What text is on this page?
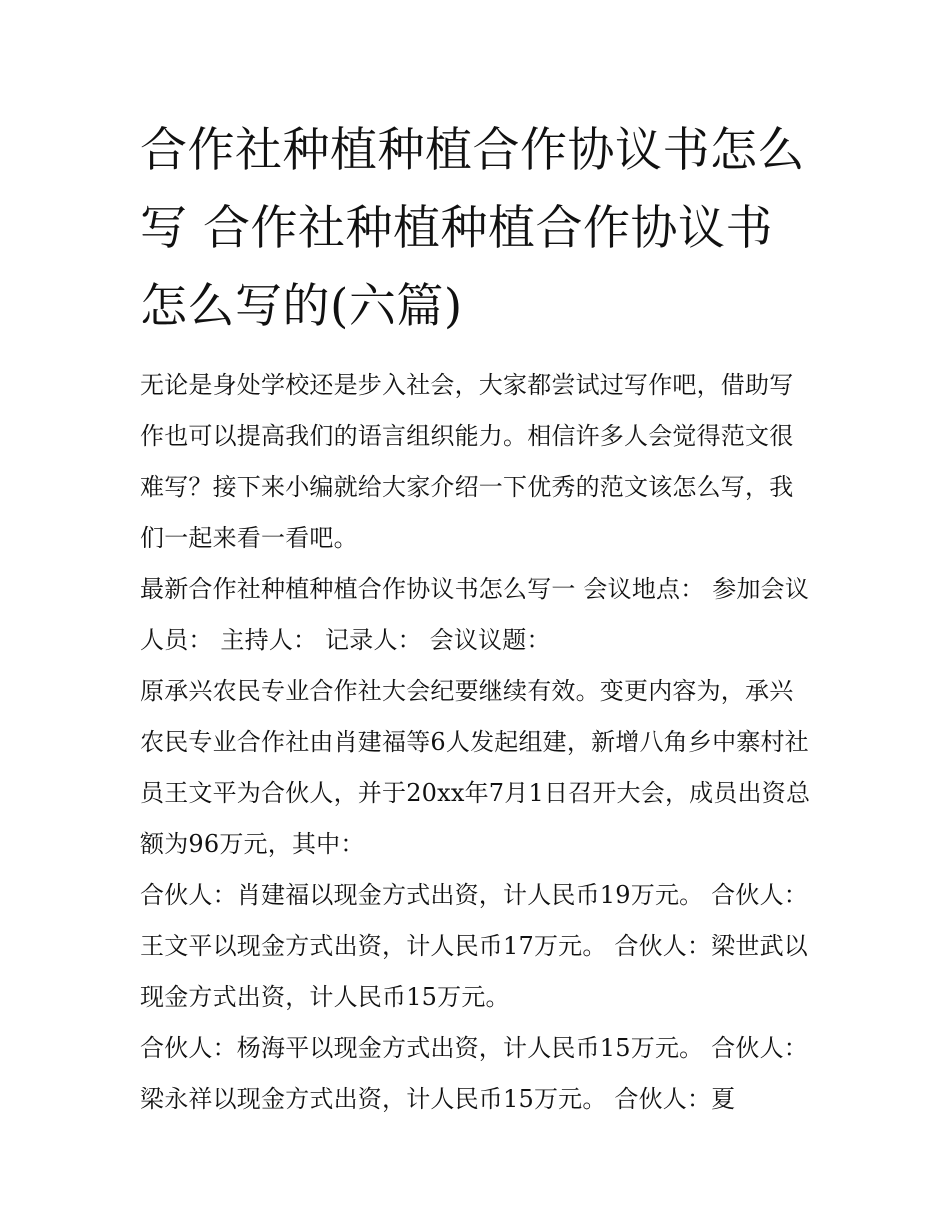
合作社种植种植合作协议书怎么写 合作社种植种植合作协议书怎么写的(六篇)

无论是身处学校还是步入社会，大家都尝试过写作吧，借助写作也可以提高我们的语言组织能力。相信许多人会觉得范文很难写？接下来小编就给大家介绍一下优秀的范文该怎么写，我们一起来看一看吧。

最新合作社种植种植合作协议书怎么写一 会议地点： 参加会议人员： 主持人： 记录人： 会议议题：

原承兴农民专业合作社大会纪要继续有效。变更内容为，承兴农民专业合作社由肖建福等6人发起组建，新增八角乡中寨村社员王文平为合伙人，并于20xx年7月1日召开大会，成员出资总额为96万元，其中：

合伙人：肖建福以现金方式出资，计人民币19万元。 合伙人：王文平以现金方式出资，计人民币17万元。 合伙人：梁世武以现金方式出资，计人民币15万元。

合伙人：杨海平以现金方式出资，计人民币15万元。 合伙人：梁永祥以现金方式出资，计人民币15万元。 合伙人：夏
